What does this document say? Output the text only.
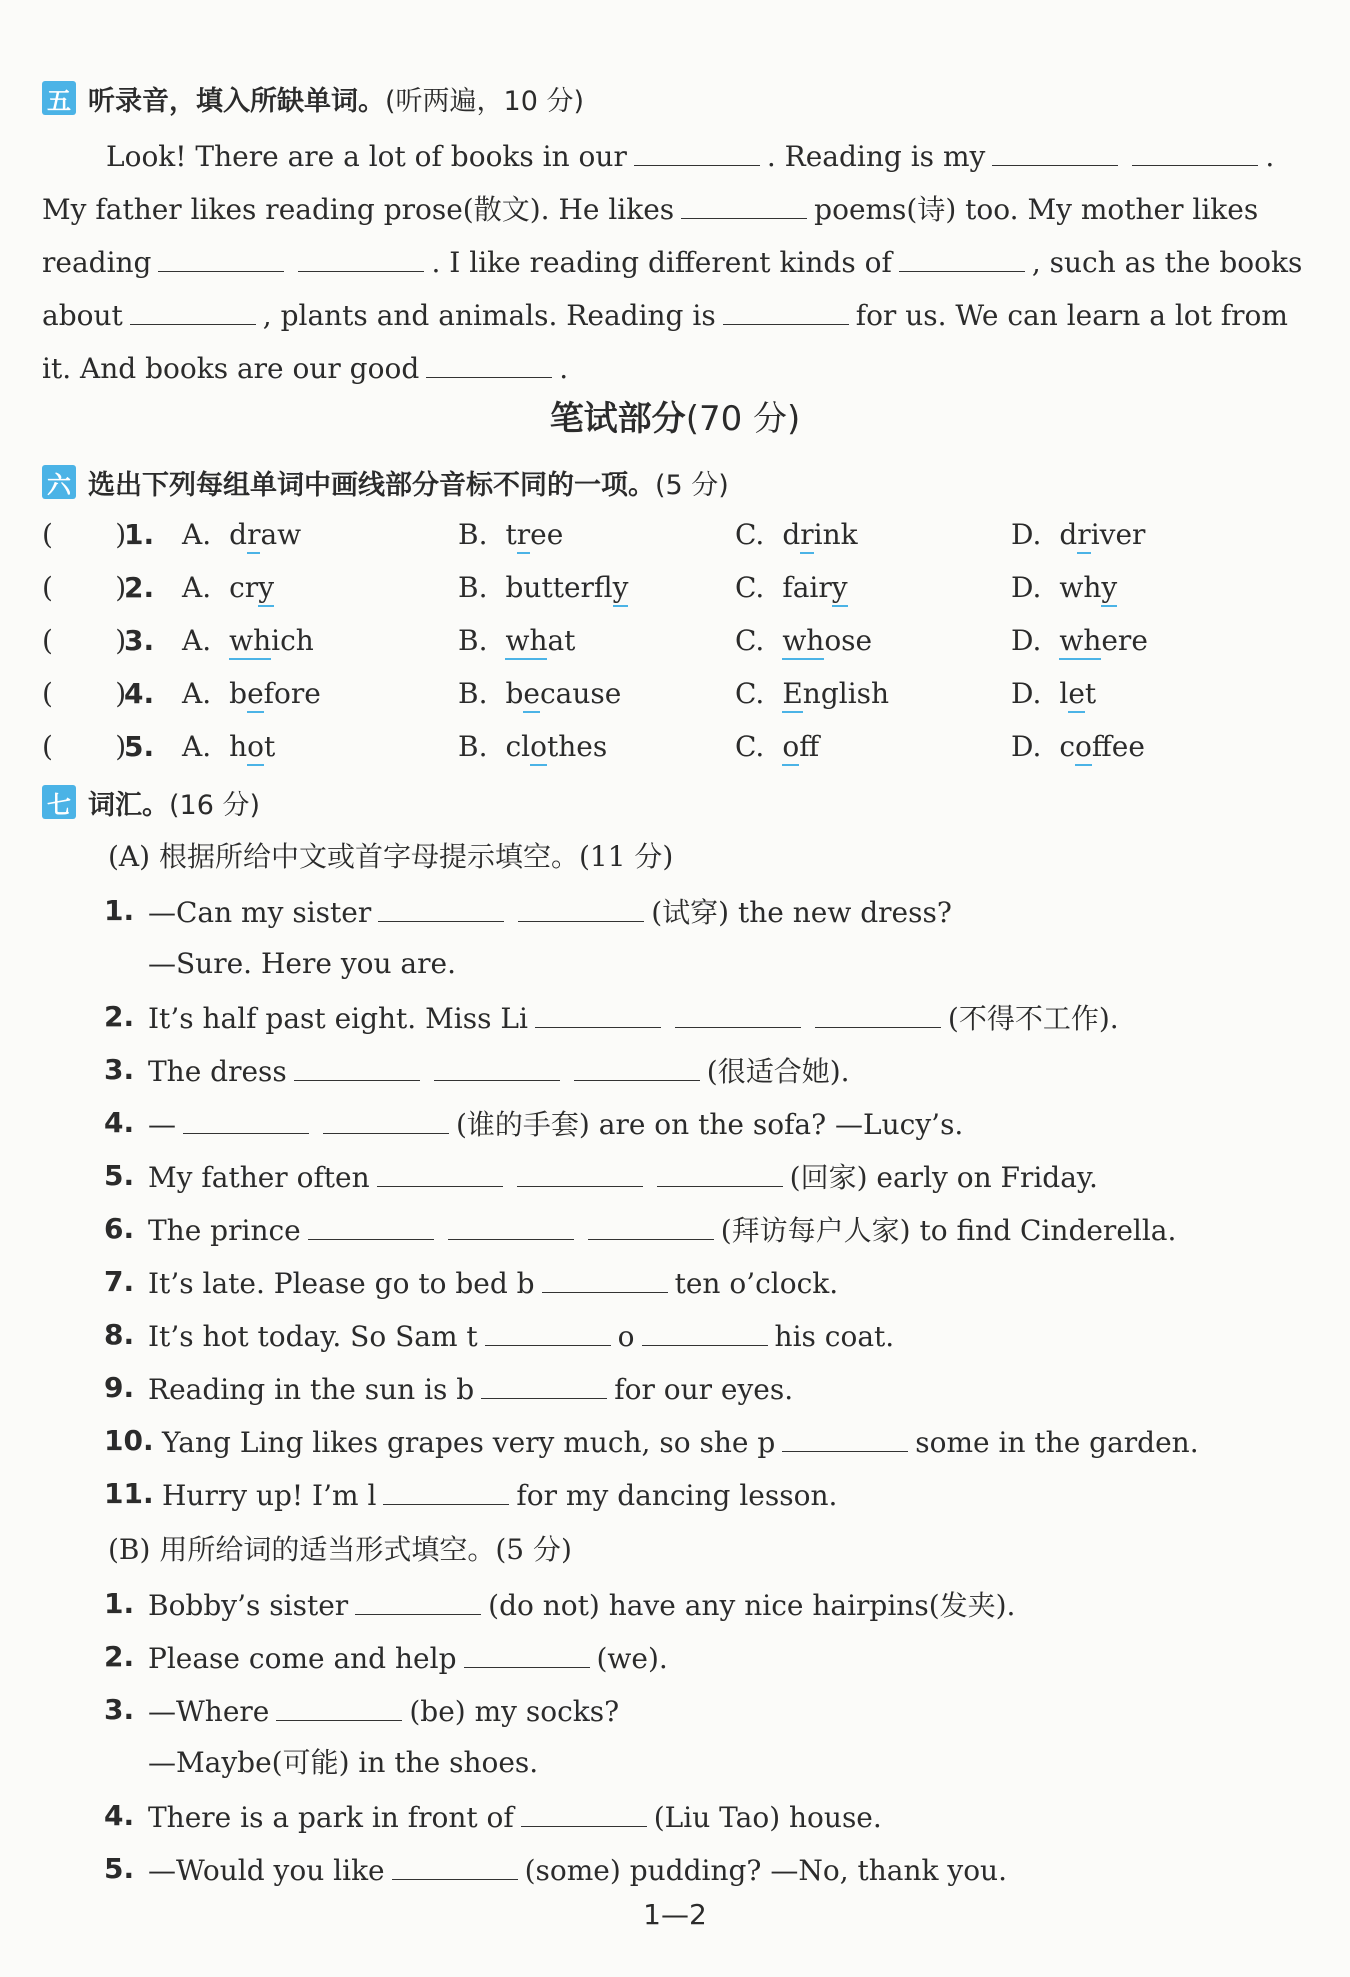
五 听录音，填入所缺单词。 (听两遍，10 分)
Look! There are a lot of books in our	. Reading is my	.
My father likes reading prose(散文). He likes	poems(诗) too. My mother likes
reading	. I like reading different kinds of	, such as the books
about	, plants and animals. Reading is	for us. We can learn a lot from
it. And books are our good	.
笔试部分(70 分)
六 选出下列每组单词中画线部分音标不同的一项。 (5 分)
(       )
1. A. draw	B. tree	C. drink	D. driver
(       )
2. A. cry	B. butterfly	C. fairy	D. why
(       )
3. A. which	B. what	C. whose	D. where
(       )
4. A. before	B. because	C. English	D. let
(       )
5. A. hot	B. clothes	C. off	D. coffee
七 词汇。 (16 分)
(A) 根据所给中文或首字母提示填空。(11 分)
1. —Can my sister	(试穿) the new dress?
—Sure. Here you are.
2. It’s half past eight. Miss Li	(不得不工作).
3. The dress	(很适合她).
4. —	(谁的手套) are on the sofa? —Lucy’s.
5. My father often	(回家) early on Friday.
6. The prince	(拜访每户人家) to find Cinderella.
7. It’s late. Please go to bed b	ten o’clock.
8. It’s hot today. So Sam t	o	his coat.
9. Reading in the sun is b	for our eyes.
10. Yang Ling likes grapes very much, so she p	some in the garden.
11. Hurry up! I’m l	for my dancing lesson.
(B) 用所给词的适当形式填空。(5 分)
1. Bobby’s sister	(do not) have any nice hairpins(发夹).
2. Please come and help	(we).
3. —Where	(be) my socks?
—Maybe(可能) in the shoes.
4. There is a park in front of	(Liu Tao) house.
5. —Would you like	(some) pudding? —No, thank you.
1—2
